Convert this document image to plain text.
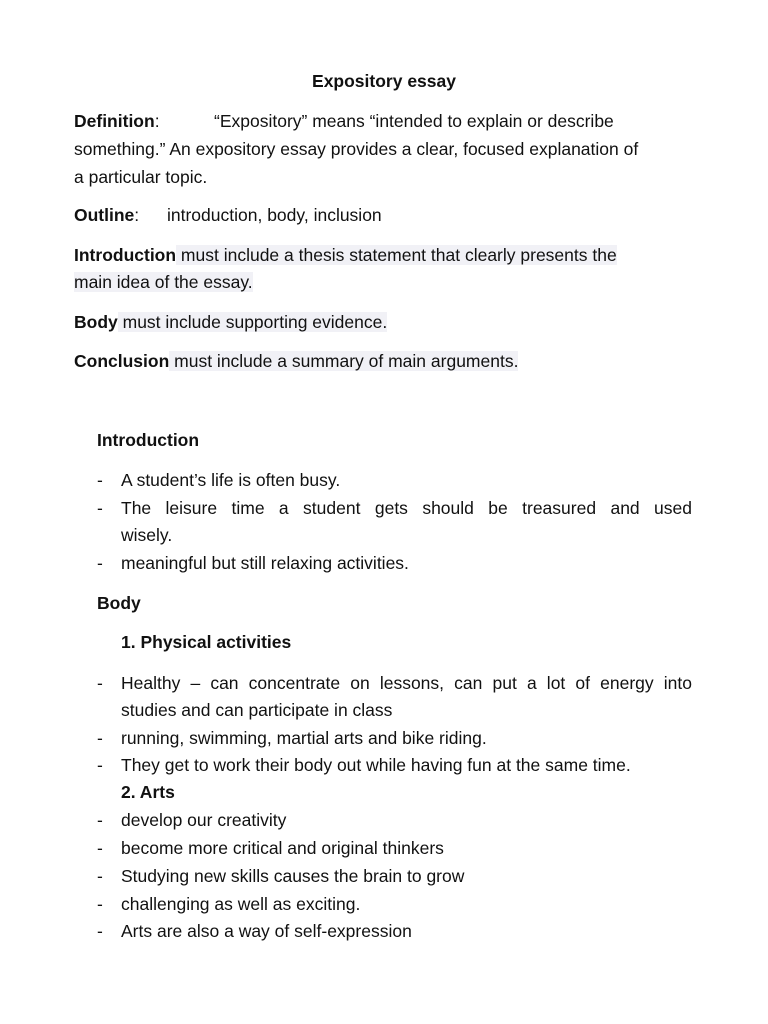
Expository essay
Definition:	“Expository” means “intended to explain or describe
something.” An expository essay provides a clear, focused explanation of
a particular topic.
Outline: introduction, body, inclusion
Introduction must include a thesis statement that clearly presents the
main idea of the essay.
Body must include supporting evidence.
Conclusion must include a summary of main arguments.
Introduction
- A student’s life is often busy.
- The leisure time a student gets should be treasured and used
wisely.
- meaningful but still relaxing activities.
Body
1. Physical activities
- Healthy – can concentrate on lessons, can put a lot of energy into
studies and can participate in class
- running, swimming, martial arts and bike riding.
- They get to work their body out while having fun at the same time.
2. Arts
- develop our creativity
- become more critical and original thinkers
- Studying new skills causes the brain to grow
- challenging as well as exciting.
- Arts are also a way of self-expression
